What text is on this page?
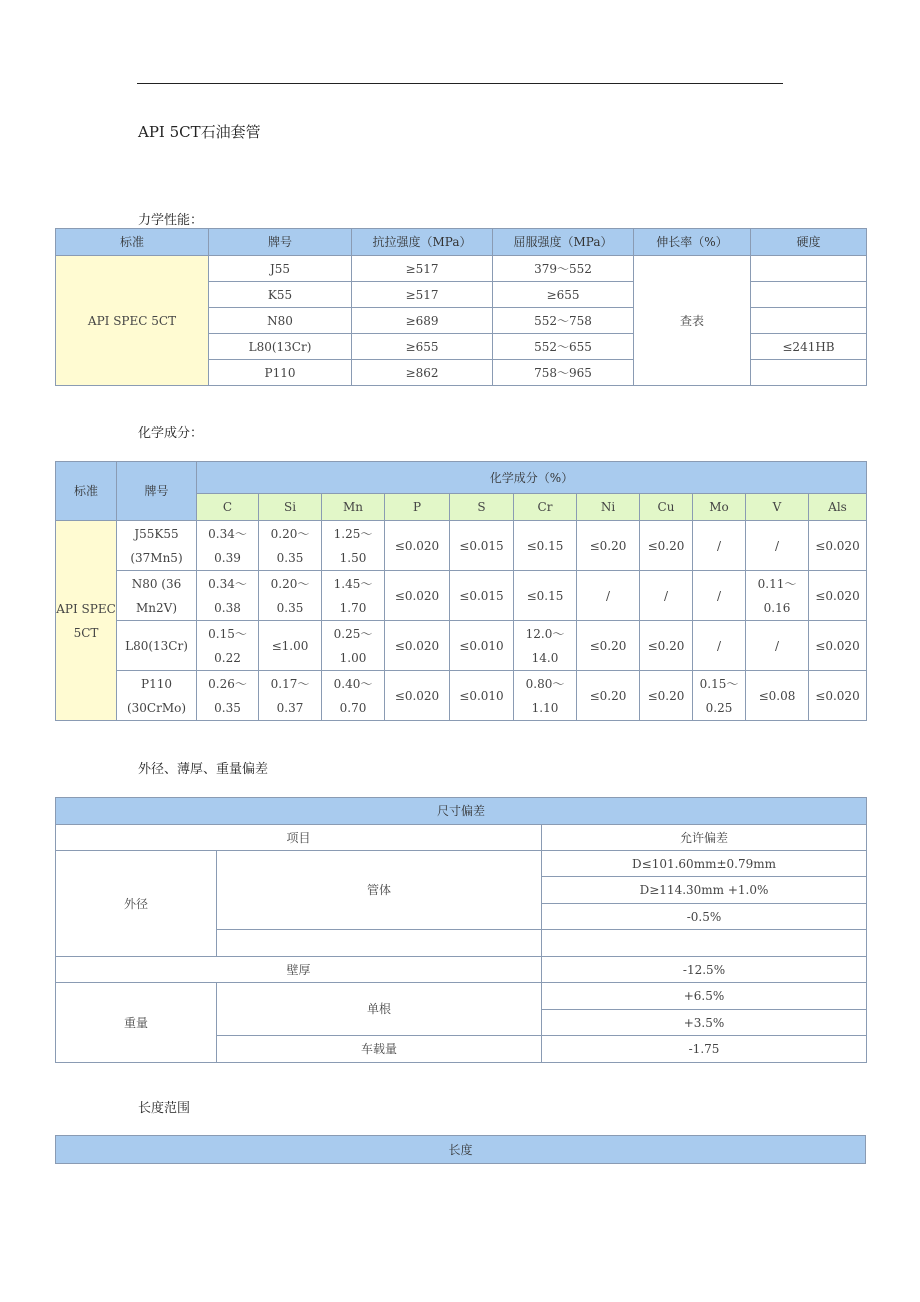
API 5CT石油套管
力学性能：
化学成分：
外径、薄厚、重量偏差
长度范围
标准	牌号	抗拉强度（MPa）	屈服强度（MPa）	伸长率（%）	硬度
API SPEC 5CT	J55	≥517	379～552	查表	
	K55	≥517	≥655		
	N80	≥689	552～758		
	L80(13Cr)	≥655	552～655		≤241HB
	P110	≥862	758～965		
标准	牌号	化学成分（%）										
		C	Si	Mn	P	S	Cr	Ni	Cu	Mo	V	Als
API SPEC 5CT	J55K55 (37Mn5)	0.34～ 0.39	0.20～ 0.35	1.25～ 1.50	≤0.020	≤0.015	≤0.15	≤0.20	≤0.20	/	/	≤0.020
	N80 (36 Mn2V)	0.34～ 0.38	0.20～ 0.35	1.45～ 1.70	≤0.020	≤0.015	≤0.15	/	/	/	0.11～ 0.16	≤0.020
	L80(13Cr)	0.15～ 0.22	≤1.00	0.25～ 1.00	≤0.020	≤0.010	12.0～ 14.0	≤0.20	≤0.20	/	/	≤0.020
	P110 (30CrMo)	0.26～ 0.35	0.17～ 0.37	0.40～ 0.70	≤0.020	≤0.010	0.80～ 1.10	≤0.20	≤0.20	0.15～ 0.25	≤0.08	≤0.020
尺寸偏差		
项目		允许偏差
外径	管体	D≤101.60mm±0.79mm
		D≥114.30mm +1.0%
		-0.5%

壁厚		-12.5%
重量	单根	+6.5%
		+3.5%
	车载量	-1.75
长度
